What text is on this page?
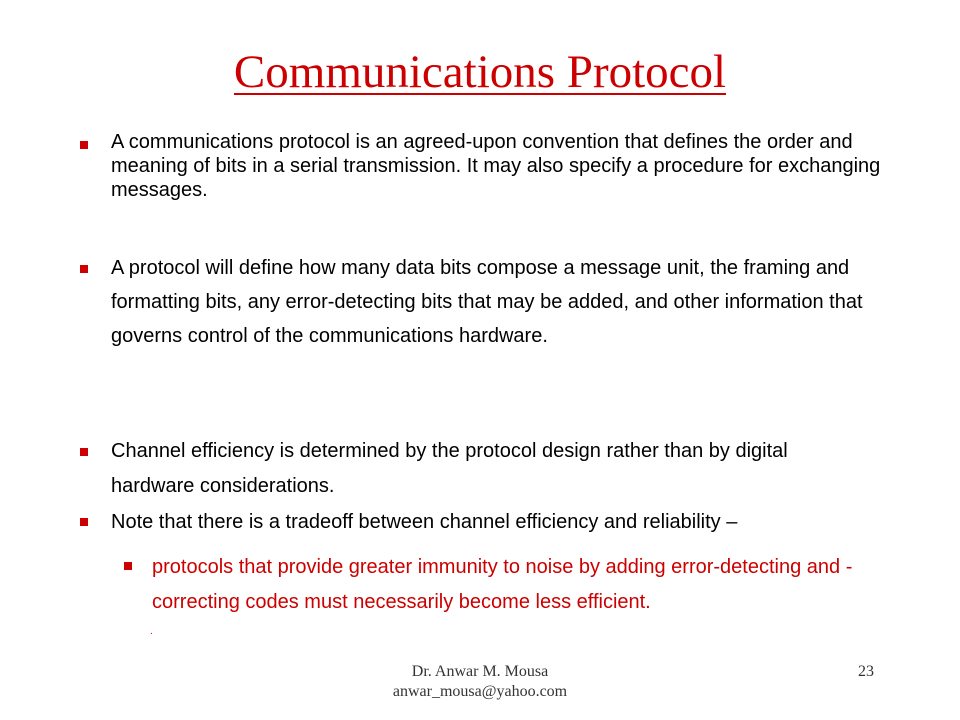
Communications Protocol

A communications protocol is an agreed-upon convention that defines the order and meaning of bits in a serial transmission. It may also specify a procedure for exchanging messages.

A protocol will define how many data bits compose a message unit, the framing and formatting bits, any error-detecting bits that may be added, and other information that governs control of the communications hardware.

Channel efficiency is determined by the protocol design rather than by digital hardware considerations.

Note that there is a tradeoff between channel efficiency and reliability –

protocols that provide greater immunity to noise by adding error-detecting and -correcting codes must necessarily become less efficient.

.
Dr. Anwar M. Mousa
anwar_mousa@yahoo.com
23
